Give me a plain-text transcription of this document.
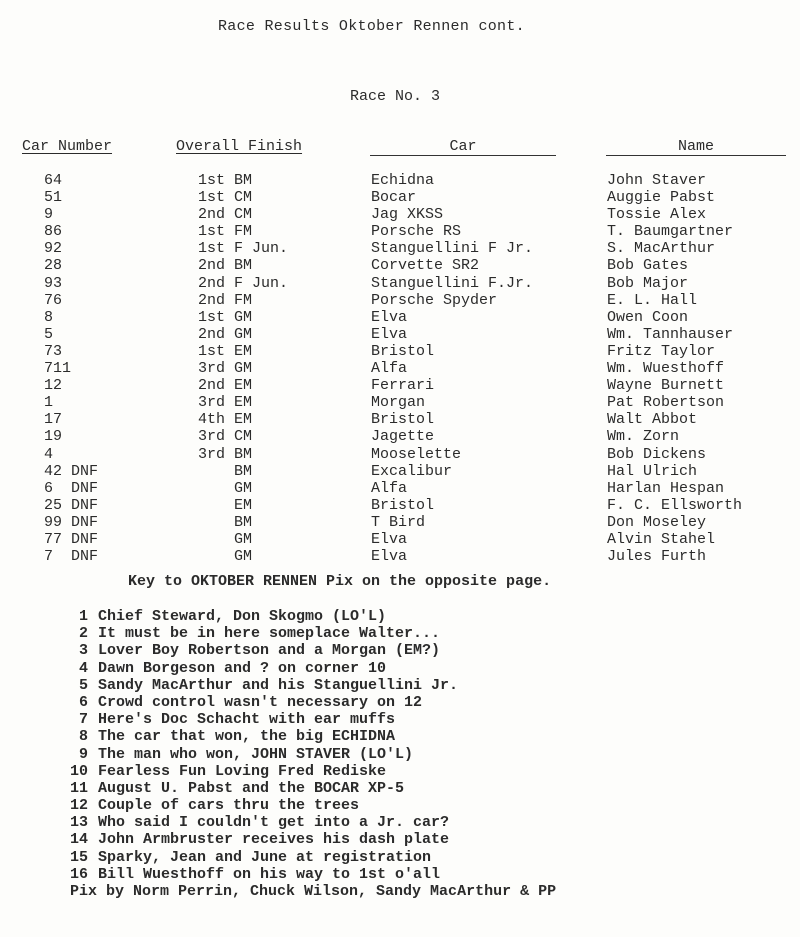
Race Results Oktober Rennen cont.
Race No. 3
Car Number	Overall Finish	Car	Name
64	1st BM	Echidna	John Staver
51	1st CM	Bocar	Auggie Pabst
9	2nd CM	Jag XKSS	Tossie Alex
86	1st FM	Porsche RS	T. Baumgartner
92	1st F Jun.	Stanguellini F Jr.	S. MacArthur
28	2nd BM	Corvette SR2	Bob Gates
93	2nd F Jun.	Stanguellini F.Jr.	Bob Major
76	2nd FM	Porsche Spyder	E. L. Hall
8	1st GM	Elva	Owen Coon
5	2nd GM	Elva	Wm. Tannhauser
73	1st EM	Bristol	Fritz Taylor
711	3rd GM	Alfa	Wm. Wuesthoff
12	2nd EM	Ferrari	Wayne Burnett
1	3rd EM	Morgan	Pat Robertson
17	4th EM	Bristol	Walt Abbot
19	3rd CM	Jagette	Wm. Zorn
4	3rd BM	Mooselette	Bob Dickens
42 DNF	BM	Excalibur	Hal Ulrich
6  DNF	GM	Alfa	Harlan Hespan
25 DNF	EM	Bristol	F. C. Ellsworth
99 DNF	BM	T Bird	Don Moseley
77 DNF	GM	Elva	Alvin Stahel
7  DNF	GM	Elva	Jules Furth
Key to OKTOBER RENNEN Pix on the opposite page.
1 Chief Steward, Don Skogmo (LO'L)
2 It must be in here someplace Walter...
3 Lover Boy Robertson and a Morgan (EM?)
4 Dawn Borgeson and ? on corner 10
5 Sandy MacArthur and his Stanguellini Jr.
6 Crowd control wasn't necessary on 12
7 Here's Doc Schacht with ear muffs
8 The car that won, the big ECHIDNA
9 The man who won, JOHN STAVER (LO'L)
10 Fearless Fun Loving Fred Rediske
11 August U. Pabst and the BOCAR XP-5
12 Couple of cars thru the trees
13 Who said I couldn't get into a Jr. car?
14 John Armbruster receives his dash plate
15 Sparky, Jean and June at registration
16 Bill Wuesthoff on his way to 1st o'all
Pix by Norm Perrin, Chuck Wilson, Sandy MacArthur & PP
